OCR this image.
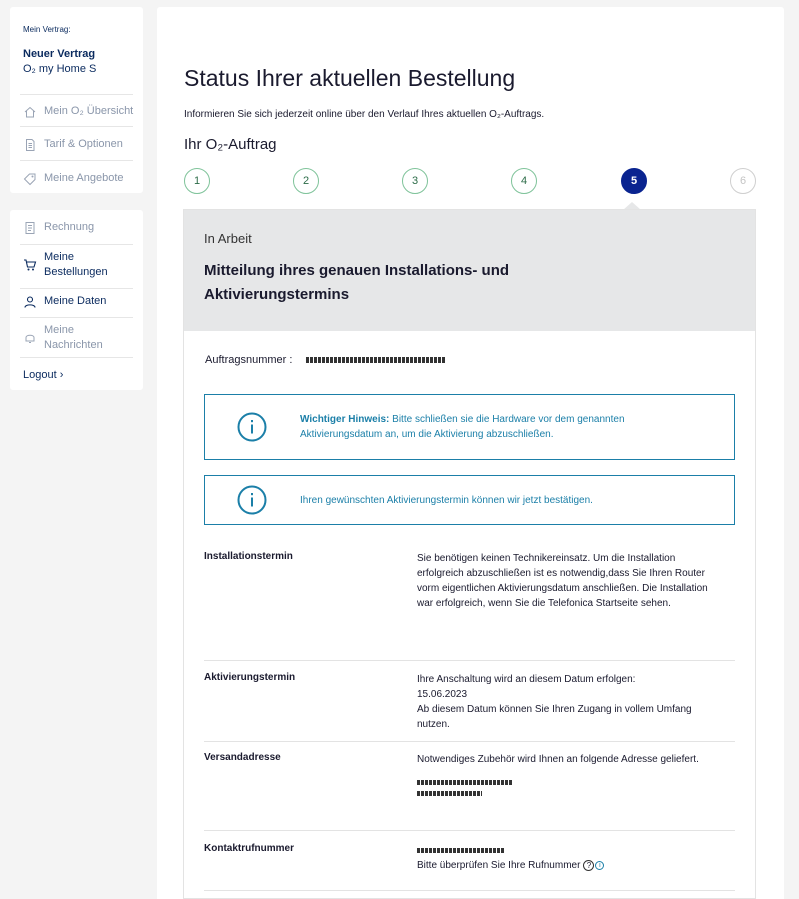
Mein Vertrag:
Neuer Vertrag
O₂ my Home S
Mein O₂ Übersicht
Tarif & Optionen
Meine Angebote
Rechnung
Meine Bestellungen
Meine Daten
Meine Nachrichten
Logout ›
Status Ihrer aktuellen Bestellung
Informieren Sie sich jederzeit online über den Verlauf Ihres aktuellen O₂-Auftrags.
Ihr O₂-Auftrag
1	2	3	4	5	6
In Arbeit
Mitteilung ihres genauen Installations- und Aktivierungstermins
Auftragsnummer :
Wichtiger Hinweis: Bitte schließen sie die Hardware vor dem genannten Aktivierungsdatum an, um die Aktivierung abzuschließen.
Ihren gewünschten Aktivierungstermin können wir jetzt bestätigen.
Installationstermin	Sie benötigen keinen Technikereinsatz. Um die Installation erfolgreich abzuschließen ist es notwendig,dass Sie Ihren Router vorm eigentlichen Aktivierungsdatum anschließen. Die Installation war erfolgreich, wenn Sie die Telefonica Startseite sehen.
Aktivierungstermin	Ihre Anschaltung wird an diesem Datum erfolgen:
15.06.2023
Ab diesem Datum können Sie Ihren Zugang in vollem Umfang nutzen.
Versandadresse	Notwendiges Zubehör wird Ihnen an folgende Adresse geliefert.
Kontaktrufnummer

Bitte überprüfen Sie Ihre Rufnummer ? i
